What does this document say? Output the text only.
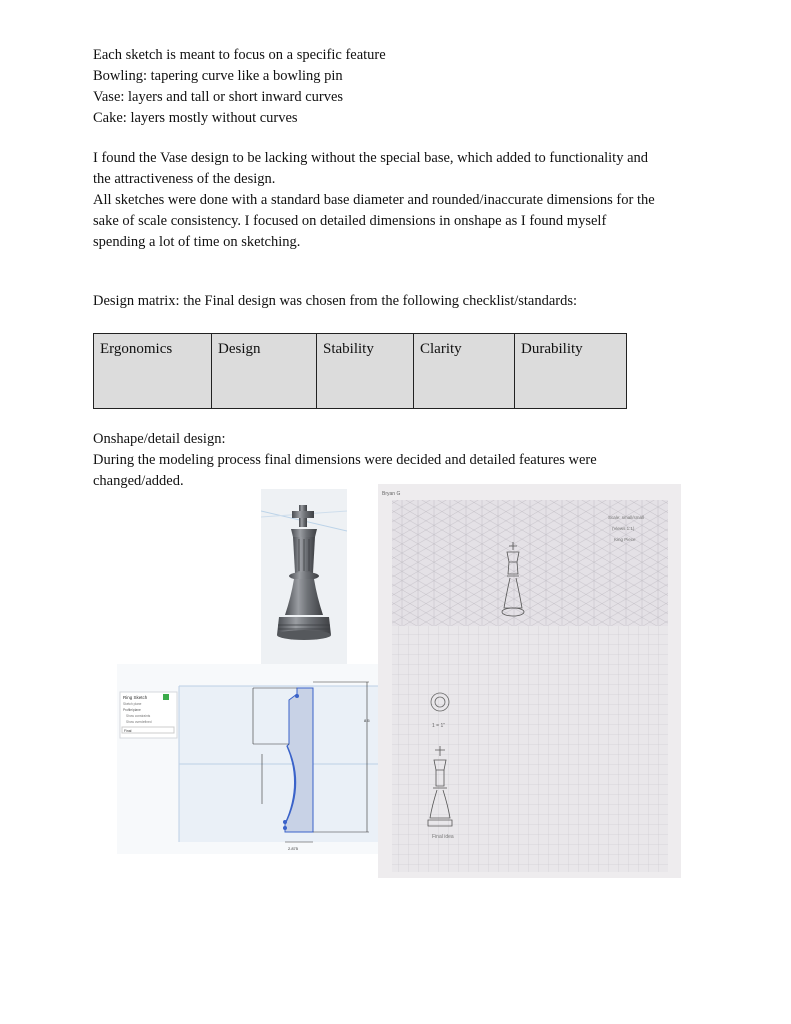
Each sketch is meant to focus on a specific feature
Bowling: tapering curve like a bowling pin
Vase: layers and tall or short inward curves
Cake: layers mostly without curves
I found the Vase design to be lacking without the special base, which added to functionality and
the attractiveness of the design.
All sketches were done with a standard base diameter and rounded/inaccurate dimensions for the
sake of scale consistency. I focused on detailed dimensions in onshape as I found myself
spending a lot of time on sketching.
Design matrix: the Final design was chosen from the following checklist/standards:
Ergonomics	Design	Stability	Clarity	Durability
Onshape/detail design:
During the modeling process final dimensions were decided and detailed features were
changed/added.
Ring Sketch
Sketch plane
Profile/plane
Show constraints
Show overdefined
Final
8.5
2.875
Bryan G
Scale: small/small
(Views 1:1)
King Piece
1 = 1"
Final idea
